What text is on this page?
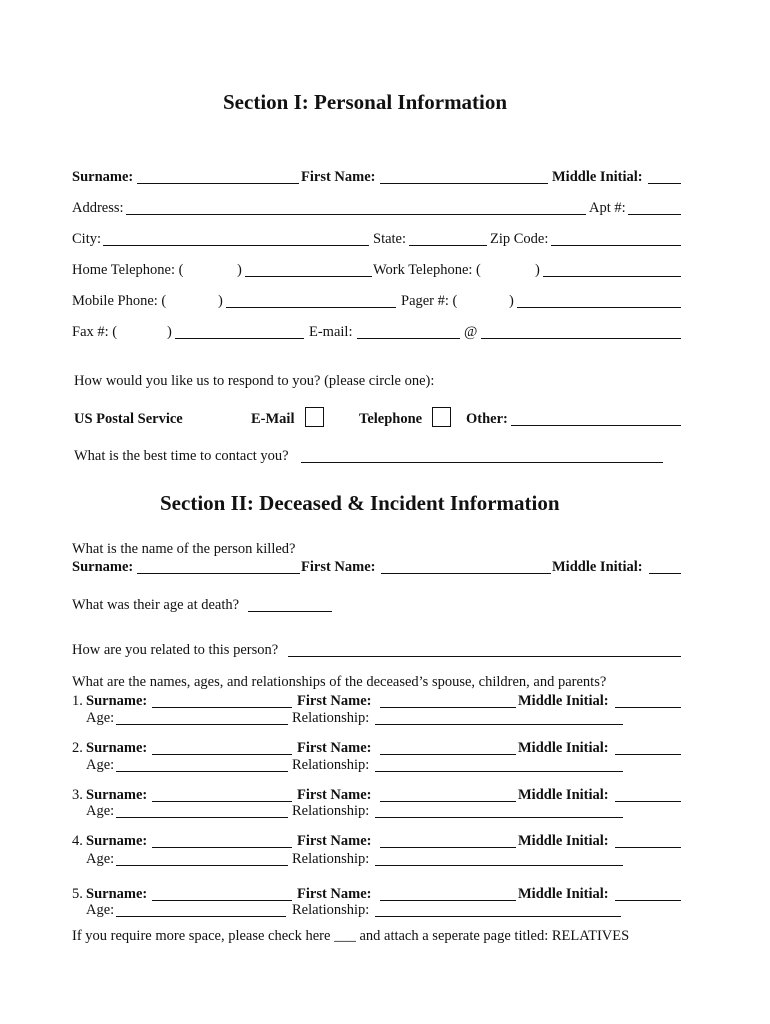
Section I: Personal Information
Surname:	First Name:	Middle Initial:
Address:	Apt #:
City:	State:	Zip Code:
Home Telephone: (	)	Work Telephone: (	)
Mobile Phone: (	)	Pager #: (	)
Fax #: (	)	E-mail:	@
How would you like us to respond to you? (please circle one):
US Postal Service	E-Mail	Telephone	Other:
What is the best time to contact you?
Section II: Deceased & Incident Information
What is the name of the person killed?
Surname:	First Name:	Middle Initial:
What was their age at death?
How are you related to this person?
What are the names, ages, and relationships of the deceased’s spouse, children, and parents?
1. Surname:	First Name:	Middle Initial:
Age:	Relationship:
2. Surname:	First Name:	Middle Initial:
Age:	Relationship:
3. Surname:	First Name:	Middle Initial:
Age:	Relationship:
4. Surname:	First Name:	Middle Initial:
Age:	Relationship:
5. Surname:	First Name:	Middle Initial:
Age:	Relationship:
If you require more space, please check here ___ and attach a seperate page titled: RELATIVES
